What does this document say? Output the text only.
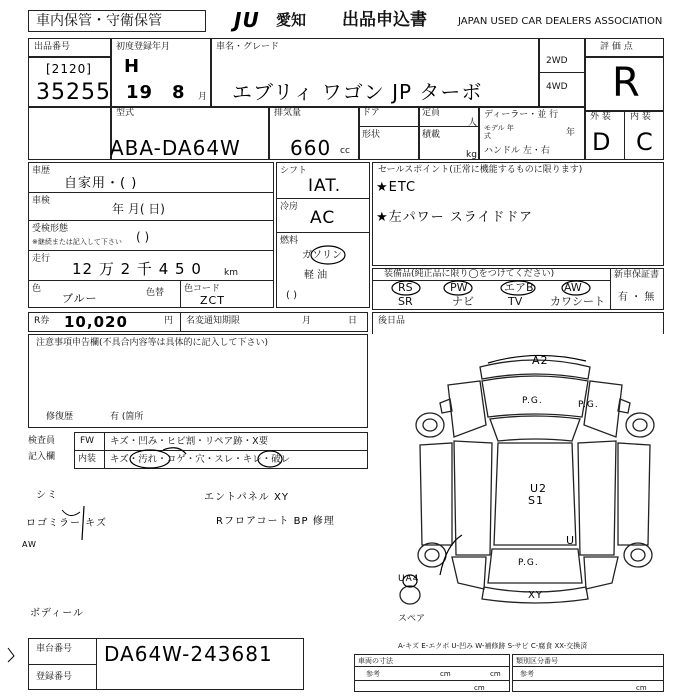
車内保管・守衛保管	JU 愛知 出品申込書	JAPAN USED CAR DEALERS ASSOCIATION
出品番号
[2120]
35255
初度登録年月
H
19 8 月
車名・グレード
エブリィ ワゴン JP ターボ
2WD
4WD
評 価 点
R
外 装 内 装
D C
型式
ABA-DA64W
排気量
660 cc
ドア
形状
定員
人
積載
kg
ディーラー・並 行
モデル 年式	年
ハンドル 左・右
車歴
自家用・( )
車検
年 月( 日)
受検形態
※継続または記入して下さい ( )
走行
12 万 2 千 4 5 0 km
色
ブルー	色替 色コード
ZCT
シフト
IAT.
冷房
AC
燃料
ガソリン
軽 油
( )
セールスポイント(正常に機能するものに限ります)
★ETC
★左パワー スライドドア
装備品(純正品に限り◯をつけてください)
RS	PW	エアB	AW
SR	ナビ	TV	カワシート
新車保証書
有 ・ 無
R券 10,020	円 名変通知期限	月	日 後日品
注意事項申告欄(不具合内容等は具体的に記入して下さい)
修復歴	有 (箇所
検査員
記入欄
FW キズ・凹み・ヒビ割・リペア跡・X要
内装 キズ・汚れ・コゲ・穴・スレ・キレ・破レ
シミ
ロゴミラー キズ
AW
エントパネル XY
Rフロアコート BP 修理
ボディール
A2
P.G.	P.G.
U2
S1
P.G.
XY
U
UA4
スペア
車台番号
登録番号
DA64W-243681	A-キズ E-エクボ U-凹み W-補修跡 S-サビ C-腐食 XX-交換済
車両の寸法
参考	cm	cm
cm
類別区分番号
参考
cm
